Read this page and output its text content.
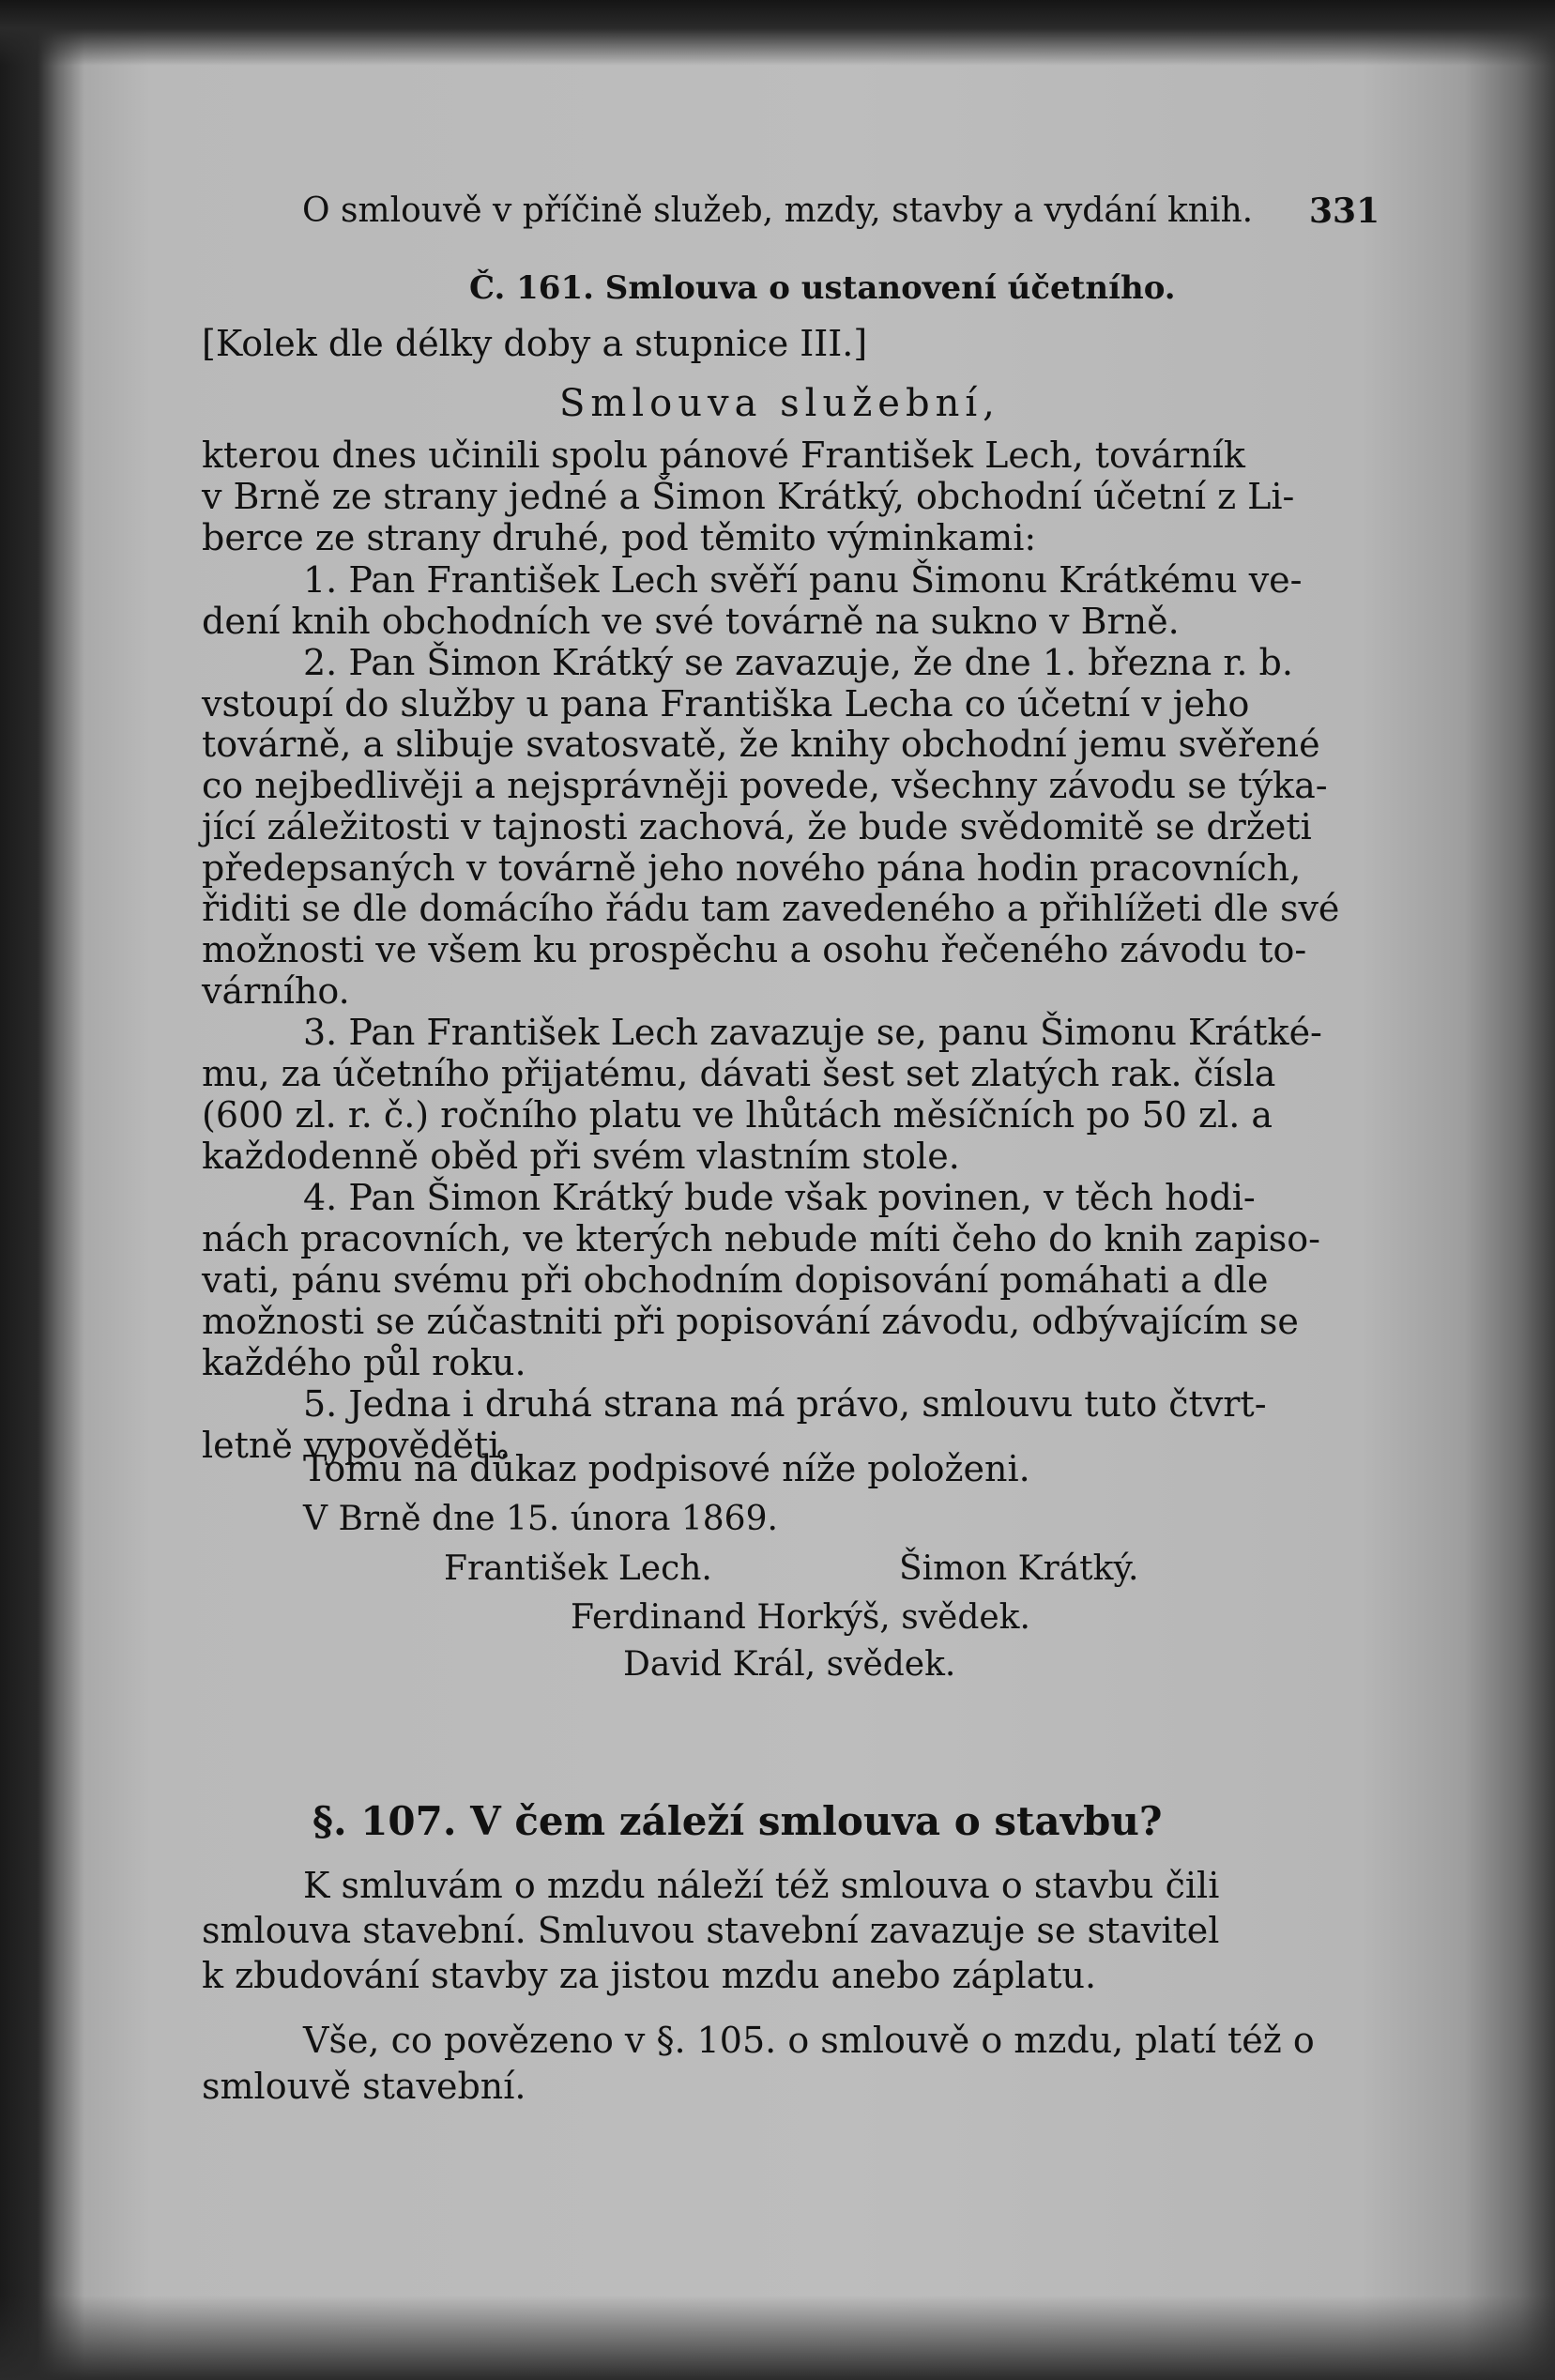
O smlouvě v příčině služeb, mzdy, stavby a vydání knih. 331
Č. 161. Smlouva o ustanovení účetního.
[Kolek dle délky doby a stupnice III.]
Smlouva služební,
kterou dnes učinili spolu pánové František Lech, továrník
v Brně ze strany jedné a Šimon Krátký, obchodní účetní z Li-
berce ze strany druhé, pod těmito výminkami:
1. Pan František Lech svěří panu Šimonu Krátkému ve-
dení knih obchodních ve své továrně na sukno v Brně.
2. Pan Šimon Krátký se zavazuje, že dne 1. března r. b.
vstoupí do služby u pana Františka Lecha co účetní v jeho
továrně, a slibuje svatosvatě, že knihy obchodní jemu svěřené
co nejbedlivěji a nejsprávněji povede, všechny závodu se týka-
jící záležitosti v tajnosti zachová, že bude svědomitě se držeti
předepsaných v továrně jeho nového pána hodin pracovních,
řiditi se dle domácího řádu tam zavedeného a přihlížeti dle své
možnosti ve všem ku prospěchu a osohu řečeného závodu to-
várního.
3. Pan František Lech zavazuje se, panu Šimonu Krátké-
mu, za účetního přijatému, dávati šest set zlatých rak. čísla
(600 zl. r. č.) ročního platu ve lhůtách měsíčních po 50 zl. a
každodenně oběd při svém vlastním stole.
4. Pan Šimon Krátký bude však povinen, v těch hodi-
nách pracovních, ve kterých nebude míti čeho do knih zapiso-
vati, pánu svému při obchodním dopisování pomáhati a dle
možnosti se zúčastniti při popisování závodu, odbývajícím se
každého půl roku.
5. Jedna i druhá strana má právo, smlouvu tuto čtvrt-
letně vypověděti.
Tomu na důkaz podpisové níže položeni.
V Brně dne 15. února 1869.
František Lech.	Šimon Krátký.
Ferdinand Horkýš, svědek.
David Král, svědek.
§. 107. V čem záleží smlouva o stavbu?
K smluvám o mzdu náleží též smlouva o stavbu čili
smlouva stavební. Smluvou stavební zavazuje se stavitel
k zbudování stavby za jistou mzdu anebo záplatu.
Vše, co povězeno v §. 105. o smlouvě o mzdu, platí též o
smlouvě stavební.
